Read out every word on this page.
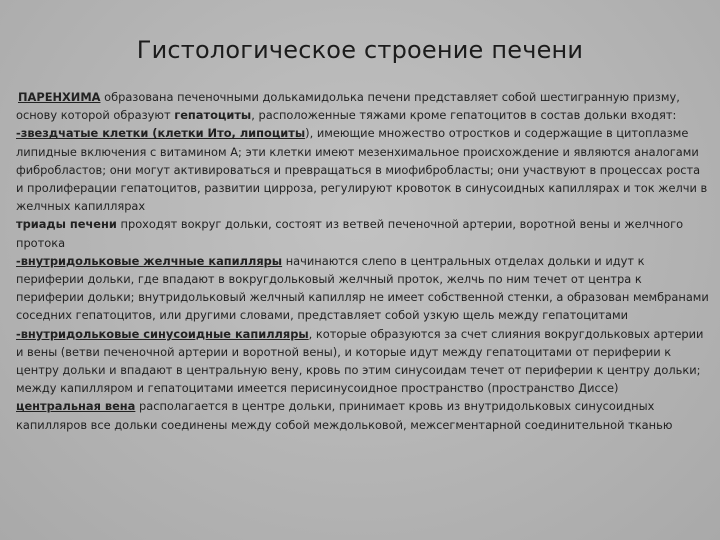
Гистологическое строение печени

ПАРЕНХИМА образована печеночными долькамидолька печени представляет собой шестигранную призму, основу которой образуют гепатоциты, расположенные тяжами кроме гепатоцитов в состав дольки входят:

-звездчатые клетки (клетки Ито, липоциты), имеющие множество отростков и содержащие в цитоплазме липидные включения с витамином А; эти клетки имеют мезенхимальное происхождение и являются аналогами фибробластов; они могут активироваться и превращаться в миофибробласты; они участвуют в процессах роста и пролиферации гепатоцитов, развитии цирроза, регулируют кровоток в синусоидных капиллярах и ток желчи в желчных капиллярах

триады печени проходят вокруг дольки, состоят из ветвей печеночной артерии, воротной вены и желчного протока

-внутридольковые желчные капилляры начинаются слепо в центральных отделах дольки и идут к периферии дольки, где впадают в вокругдольковый желчный проток, желчь по ним течет от центра к периферии дольки; внутридольковый желчный капилляр не имеет собственной стенки, а образован мембранами соседних гепатоцитов, или другими словами, представляет собой узкую щель между гепатоцитами

-внутридольковые синусоидные капилляры, которые образуются за счет слияния вокругдольковых артерии и вены (ветви печеночной артерии и воротной вены), и которые идут между гепатоцитами от периферии к центру дольки и впадают в центральную вену, кровь по этим синусоидам течет от периферии к центру дольки; между капилляром и гепатоцитами имеется перисинусоидное пространство (пространство Диссе)

центральная вена располагается в центре дольки, принимает кровь из внутридольковых синусоидных капилляров все дольки соединены между собой междольковой, межсегментарной соединительной тканью
